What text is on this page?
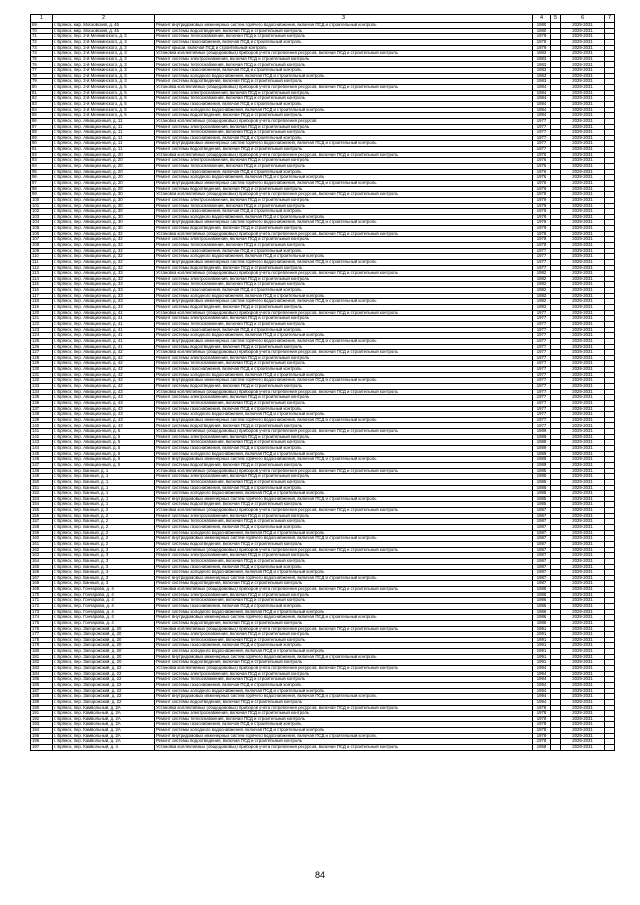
1	2	3	4	5	6	7
69	г. Брянск, мкр. Московский, д. 45	Ремонт внутридомовых инженерных систем горячего водоснабжения, включая ПСД и строительный контроль	1980		2029-2031	
70	г. Брянск, мкр. Московский, д. 45	Ремонт системы водоотведения, включая ПСД и строительный контроль	1980		2029-2031	
71	г. Брянск, пер. 2-й Менжинского, д. 3	Ремонт системы теплоснабжения, включая ПСД и строительный контроль	1979		2029-2031	
72	г. Брянск, пер. 2-й Менжинского, д. 3	Ремонт системы газоснабжения, включая ПСД и строительный контроль	1979		2029-2031	
73	г. Брянск, пер. 2-й Менжинского, д. 3	Ремонт крыши, включая ПСД и строительный контроль	1979		2029-2031	
74	г. Брянск, пер. 2-й Менжинского, д. 3	Установка коллективных (общедомовых) приборов учета потребления ресурсов, включая ПСД и строительный контроль	1983		2029-2031	
75	г. Брянск, пер. 2-й Менжинского, д. 3	Ремонт системы электроснабжения, включая ПСД и строительный контроль	1983		2029-2031	
76	г. Брянск, пер. 2-й Менжинского, д. 3	Ремонт системы теплоснабжения, включая ПСД и строительный контроль	1983		2029-2031	
77	г. Брянск, пер. 2-й Менжинского, д. 3	Ремонт системы газоснабжения, включая ПСД и строительный контроль	1983		2029-2031	
78	г. Брянск, пер. 2-й Менжинского, д. 3	Ремонт системы холодного водоснабжения, включая ПСД и строительный контроль	1983		2029-2031	
79	г. Брянск, пер. 2-й Менжинского, д. 3	Ремонт системы водоотведения, включая ПСД и строительный контроль	1983		2029-2031	
80	г. Брянск, пер. 2-й Менжинского, д. 5	Установка коллективных (общедомовых) приборов учета потребления ресурсов, включая ПСД и строительный контроль	1984		2029-2031	
81	г. Брянск, пер. 2-й Менжинского, д. 5	Ремонт системы электроснабжения, включая ПСД и строительный контроль	1984		2029-2031	
82	г. Брянск, пер. 2-й Менжинского, д. 5	Ремонт системы теплоснабжения, включая ПСД и строительный контроль	1984		2029-2031	
83	г. Брянск, пер. 2-й Менжинского, д. 5	Ремонт системы газоснабжения, включая ПСД и строительный контроль	1984		2029-2031	
84	г. Брянск, пер. 2-й Менжинского, д. 5	Ремонт системы холодного водоснабжения, включая ПСД и строительный контроль	1984		2029-2031	
85	г. Брянск, пер. 2-й Менжинского, д. 5	Ремонт системы водоотведения, включая ПСД и строительный контроль	1984		2029-2031	
86	г. Брянск, пер. Авиационный, д. 11	Установка коллективных (общедомовых) приборов учета потребления ресурсов	1977		2029-2031	
87	г. Брянск, пер. Авиационный, д. 11	Ремонт системы электроснабжения, включая ПСД и строительный контроль	1977		2029-2031	
88	г. Брянск, пер. Авиационный, д. 11	Ремонт системы теплоснабжения, включая ПСД и строительный контроль	1977		2029-2031	
89	г. Брянск, пер. Авиационный, д. 11	Ремонт системы газоснабжения, включая ПСД и строительный контроль	1977		2029-2031	
90	г. Брянск, пер. Авиационный, д. 11	Ремонт внутридомовых инженерных систем горячего водоснабжения, включая ПСД и строительный контроль	1977		2029-2031	
91	г. Брянск, пер. Авиационный, д. 11	Ремонт системы водоотведения, включая ПСД и строительный контроль	1977		2029-2031	
92	г. Брянск, пер. Авиационный, д. 20	Установка коллективных (общедомовых) приборов учета потребления ресурсов, включая ПСД и строительный контроль	1976		2029-2031	
93	г. Брянск, пер. Авиационный, д. 20	Ремонт системы электроснабжения, включая ПСД и строительный контроль	1976		2029-2031	
94	г. Брянск, пер. Авиационный, д. 20	Ремонт системы теплоснабжения, включая ПСД и строительный контроль	1976		2029-2031	
95	г. Брянск, пер. Авиационный, д. 20	Ремонт системы газоснабжения, включая ПСД и строительный контроль	1976		2029-2031	
96	г. Брянск, пер. Авиационный, д. 20	Ремонт системы холодного водоснабжения, включая ПСД и строительный контроль	1976		2029-2031	
97	г. Брянск, пер. Авиационный, д. 20	Ремонт внутридомовых инженерных систем горячего водоснабжения, включая ПСД и строительный контроль	1976		2029-2031	
98	г. Брянск, пер. Авиационный, д. 20	Ремонт системы водоотведения, включая ПСД и строительный контроль	1976		2029-2031	
99	г. Брянск, пер. Авиационный, д. 30	Установка коллективных (общедомовых) приборов учета потребления ресурсов, включая ПСД и строительный контроль	1979		2029-2031	
100	г. Брянск, пер. Авиационный, д. 30	Ремонт системы электроснабжения, включая ПСД и строительный контроль	1979		2029-2031	
101	г. Брянск, пер. Авиационный, д. 30	Ремонт системы теплоснабжения, включая ПСД и строительный контроль	1979		2029-2031	
102	г. Брянск, пер. Авиационный, д. 30	Ремонт системы газоснабжения, включая ПСД и строительный контроль	1979		2029-2031	
103	г. Брянск, пер. Авиационный, д. 30	Ремонт системы холодного водоснабжения, включая ПСД и строительный контроль	1979		2029-2031	
104	г. Брянск, пер. Авиационный, д. 30	Ремонт внутридомовых инженерных систем горячего водоснабжения, включая ПСД и строительный контроль	1979		2029-2031	
105	г. Брянск, пер. Авиационный, д. 30	Ремонт системы водоотведения, включая ПСД и строительный контроль	1979		2029-2031	
106	г. Брянск, пер. Авиационный, д. 32	Установка коллективных (общедомовых) приборов учета потребления ресурсов, включая ПСД и строительный контроль	1978		2029-2031	
107	г. Брянск, пер. Авиационный, д. 32	Ремонт системы электроснабжения, включая ПСД и строительный контроль	1978		2029-2031	
108	г. Брянск, пер. Авиационный, д. 32	Ремонт системы теплоснабжения, включая ПСД и строительный контроль	1978		2029-2031	
109	г. Брянск, пер. Авиационный, д. 32	Ремонт системы газоснабжения, включая ПСД и строительный контроль	1977		2029-2031	
110	г. Брянск, пер. Авиационный, д. 32	Ремонт системы холодного водоснабжения, включая ПСД и строительный контроль	1977		2029-2031	
111	г. Брянск, пер. Авиационный, д. 32	Ремонт внутридомовых инженерных систем горячего водоснабжения, включая ПСД и строительный контроль	1977		2029-2031	
112	г. Брянск, пер. Авиационный, д. 32	Ремонт системы водоотведения, включая ПСД и строительный контроль	1977		2029-2031	
113	г. Брянск, пер. Авиационный, д. 33	Установка коллективных (общедомовых) приборов учета потребления ресурсов, включая ПСД и строительный контроль	1982		2029-2031	
114	г. Брянск, пер. Авиационный, д. 33	Ремонт системы электроснабжения, включая ПСД и строительный контроль	1982		2029-2031	
115	г. Брянск, пер. Авиационный, д. 33	Ремонт системы теплоснабжения, включая ПСД и строительный контроль	1982		2029-2031	
116	г. Брянск, пер. Авиационный, д. 33	Ремонт системы газоснабжения, включая ПСД и строительный контроль	1982		2029-2031	
117	г. Брянск, пер. Авиационный, д. 33	Ремонт системы холодного водоснабжения, включая ПСД и строительный контроль	1982		2029-2031	
118	г. Брянск, пер. Авиационный, д. 33	Ремонт внутридомовых инженерных систем горячего водоснабжения, включая ПСД и строительный контроль	1982		2029-2031	
119	г. Брянск, пер. Авиационный, д. 33	Ремонт системы водоотведения, включая ПСД и строительный контроль	1982		2029-2031	
120	г. Брянск, пер. Авиационный, д. 41	Установка коллективных (общедомовых) приборов учета потребления ресурсов, включая ПСД и строительный контроль	1977		2029-2031	
121	г. Брянск, пер. Авиационный, д. 41	Ремонт системы электроснабжения, включая ПСД и строительный контроль	1977		2029-2031	
122	г. Брянск, пер. Авиационный, д. 41	Ремонт системы теплоснабжения, включая ПСД и строительный контроль	1977		2029-2031	
123	г. Брянск, пер. Авиационный, д. 41	Ремонт системы газоснабжения, включая ПСД и строительный контроль	1977		2029-2031	
124	г. Брянск, пер. Авиационный, д. 41	Ремонт системы холодного водоснабжения, включая ПСД и строительный контроль	1977		2029-2031	
125	г. Брянск, пер. Авиационный, д. 41	Ремонт внутридомовых инженерных систем горячего водоснабжения, включая ПСД и строительный контроль	1977		2029-2031	
126	г. Брянск, пер. Авиационный, д. 41	Ремонт системы водоотведения, включая ПСД и строительный контроль	1977		2029-2031	
127	г. Брянск, пер. Авиационный, д. 42	Установка коллективных (общедомовых) приборов учета потребления ресурсов, включая ПСД и строительный контроль	1977		2029-2031	
128	г. Брянск, пер. Авиационный, д. 42	Ремонт системы электроснабжения, включая ПСД и строительный контроль	1977		2029-2031	
129	г. Брянск, пер. Авиационный, д. 42	Ремонт системы теплоснабжения, включая ПСД и строительный контроль	1977		2029-2031	
130	г. Брянск, пер. Авиационный, д. 42	Ремонт системы газоснабжения, включая ПСД и строительный контроль	1977		2029-2031	
131	г. Брянск, пер. Авиационный, д. 42	Ремонт системы холодного водоснабжения, включая ПСД и строительный контроль	1977		2029-2031	
132	г. Брянск, пер. Авиационный, д. 42	Ремонт внутридомовых инженерных систем горячего водоснабжения, включая ПСД и строительный контроль	1977		2029-2031	
133	г. Брянск, пер. Авиационный, д. 42	Ремонт системы водоотведения, включая ПСД и строительный контроль	1977		2029-2031	
134	г. Брянск, пер. Авиационный, д. 43	Установка коллективных (общедомовых) приборов учета потребления ресурсов, включая ПСД и строительный контроль	1977		2029-2031	
135	г. Брянск, пер. Авиационный, д. 43	Ремонт системы электроснабжения, включая ПСД и строительный контроль	1977		2029-2031	
136	г. Брянск, пер. Авиационный, д. 43	Ремонт системы теплоснабжения, включая ПСД и строительный контроль	1977		2029-2031	
137	г. Брянск, пер. Авиационный, д. 43	Ремонт системы газоснабжения, включая ПСД и строительный контроль	1977		2029-2031	
138	г. Брянск, пер. Авиационный, д. 43	Ремонт системы холодного водоснабжения, включая ПСД и строительный контроль	1977		2029-2031	
139	г. Брянск, пер. Авиационный, д. 43	Ремонт внутридомовых инженерных систем горячего водоснабжения, включая ПСД и строительный контроль	1977		2029-2031	
140	г. Брянск, пер. Авиационный, д. 43	Ремонт системы водоотведения, включая ПСД и строительный контроль	1977		2029-2031	
141	г. Брянск, пер. Авиационный, д. 5	Установка коллективных (общедомовых) приборов учета потребления ресурсов, включая ПСД и строительный контроль	1989		2029-2031	
142	г. Брянск, пер. Авиационный, д. 5	Ремонт системы электроснабжения, включая ПСД и строительный контроль	1989		2029-2031	
143	г. Брянск, пер. Авиационный, д. 5	Ремонт системы теплоснабжения, включая ПСД и строительный контроль	1989		2029-2031	
144	г. Брянск, пер. Авиационный, д. 5	Ремонт системы газоснабжения, включая ПСД и строительный контроль	1989		2029-2031	
145	г. Брянск, пер. Авиационный, д. 5	Ремонт системы холодного водоснабжения, включая ПСД и строительный контроль	1989		2029-2031	
146	г. Брянск, пер. Авиационный, д. 5	Ремонт внутридомовых инженерных систем горячего водоснабжения, включая ПСД и строительный контроль	1989		2029-2031	
147	г. Брянск, пер. Авиационный, д. 5	Ремонт системы водоотведения, включая ПСД и строительный контроль	1989		2029-2031	
148	г. Брянск, пер. Банный, д. 1	Установка коллективных (общедомовых) приборов учета потребления ресурсов, включая ПСД и строительный контроль	1985		2029-2031	
149	г. Брянск, пер. Банный, д. 1	Ремонт системы электроснабжения, включая ПСД и строительный контроль	1985		2029-2031	
150	г. Брянск, пер. Банный, д. 1	Ремонт системы теплоснабжения, включая ПСД и строительный контроль	1985		2029-2031	
151	г. Брянск, пер. Банный, д. 1	Ремонт системы газоснабжения, включая ПСД и строительный контроль	1985		2029-2031	
152	г. Брянск, пер. Банный, д. 1	Ремонт системы холодного водоснабжения, включая ПСД и строительный контроль	1985		2029-2031	
153	г. Брянск, пер. Банный, д. 1	Ремонт внутридомовых инженерных систем горячего водоснабжения, включая ПСД и строительный контроль	1985		2029-2031	
154	г. Брянск, пер. Банный, д. 1	Ремонт системы водоотведения, включая ПСД и строительный контроль	1985		2029-2031	
155	г. Брянск, пер. Банный, д. 2	Установка коллективных (общедомовых) приборов учета потребления ресурсов, включая ПСД и строительный контроль	1987		2029-2031	
156	г. Брянск, пер. Банный, д. 2	Ремонт системы электроснабжения, включая ПСД и строительный контроль	1987		2029-2031	
157	г. Брянск, пер. Банный, д. 2	Ремонт системы теплоснабжения, включая ПСД и строительный контроль	1987		2029-2031	
158	г. Брянск, пер. Банный, д. 2	Ремонт системы газоснабжения, включая ПСД и строительный контроль	1987		2029-2031	
159	г. Брянск, пер. Банный, д. 2	Ремонт системы холодного водоснабжения, включая ПСД и строительный контроль	1987		2029-2031	
160	г. Брянск, пер. Банный, д. 2	Ремонт внутридомовых инженерных систем горячего водоснабжения, включая ПСД и строительный контроль	1987		2029-2031	
161	г. Брянск, пер. Банный, д. 2	Ремонт системы водоотведения, включая ПСД и строительный контроль	1987		2029-2031	
162	г. Брянск, пер. Банный, д. 3	Установка коллективных (общедомовых) приборов учета потребления ресурсов, включая ПСД и строительный контроль	1987		2029-2031	
163	г. Брянск, пер. Банный, д. 3	Ремонт системы электроснабжения, включая ПСД и строительный контроль	1987		2029-2031	
164	г. Брянск, пер. Банный, д. 3	Ремонт системы теплоснабжения, включая ПСД и строительный контроль	1987		2029-2031	
165	г. Брянск, пер. Банный, д. 3	Ремонт системы газоснабжения, включая ПСД и строительный контроль	1987		2029-2031	
166	г. Брянск, пер. Банный, д. 3	Ремонт системы холодного водоснабжения, включая ПСД и строительный контроль	1987		2029-2031	
167	г. Брянск, пер. Банный, д. 3	Ремонт внутридомовых инженерных систем горячего водоснабжения, включая ПСД и строительный контроль	1987		2029-2031	
168	г. Брянск, пер. Банный, д. 3	Ремонт системы водоотведения, включая ПСД и строительный контроль	1987		2029-2031	
169	г. Брянск, пер. Гончарова, д. 4	Установка коллективных (общедомовых) приборов учета потребления ресурсов, включая ПСД и строительный контроль	1986		2029-2031	
170	г. Брянск, пер. Гончарова, д. 4	Ремонт системы электроснабжения, включая ПСД и строительный контроль	1986		2029-2031	
171	г. Брянск, пер. Гончарова, д. 4	Ремонт системы теплоснабжения, включая ПСД и строительный контроль	1986		2029-2031	
172	г. Брянск, пер. Гончарова, д. 4	Ремонт системы газоснабжения, включая ПСД и строительный контроль	1986		2029-2031	
173	г. Брянск, пер. Гончарова, д. 4	Ремонт системы холодного водоснабжения, включая ПСД и строительный контроль	1986		2029-2031	
174	г. Брянск, пер. Гончарова, д. 4	Ремонт внутридомовых инженерных систем горячего водоснабжения, включая ПСД и строительный контроль	1986		2029-2031	
175	г. Брянск, пер. Гончарова, д. 4	Ремонт системы водоотведения, включая ПСД и строительный контроль	1986		2029-2031	
176	г. Брянск, пер. Запорожский, д. 20	Установка коллективных (общедомовых) приборов учета потребления ресурсов, включая ПСД и строительный контроль	1991		2029-2031	
177	г. Брянск, пер. Запорожский, д. 20	Ремонт системы электроснабжения, включая ПСД и строительный контроль	1991		2029-2031	
178	г. Брянск, пер. Запорожский, д. 20	Ремонт системы теплоснабжения, включая ПСД и строительный контроль	1991		2029-2031	
179	г. Брянск, пер. Запорожский, д. 20	Ремонт системы газоснабжения, включая ПСД и строительный контроль	1991		2029-2031	
180	г. Брянск, пер. Запорожский, д. 20	Ремонт системы холодного водоснабжения, включая ПСД и строительный контроль	1991		2029-2031	
181	г. Брянск, пер. Запорожский, д. 20	Ремонт внутридомовых инженерных систем горячего водоснабжения, включая ПСД и строительный контроль	1991		2029-2031	
182	г. Брянск, пер. Запорожский, д. 20	Ремонт системы водоотведения, включая ПСД и строительный контроль	1991		2029-2031	
183	г. Брянск, пер. Запорожский, д. 22	Установка коллективных (общедомовых) приборов учета потребления ресурсов, включая ПСД и строительный контроль	1994		2029-2031	
184	г. Брянск, пер. Запорожский, д. 22	Ремонт системы электроснабжения, включая ПСД и строительный контроль	1994		2029-2031	
185	г. Брянск, пер. Запорожский, д. 22	Ремонт системы теплоснабжения, включая ПСД и строительный контроль	1994		2029-2031	
186	г. Брянск, пер. Запорожский, д. 22	Ремонт системы газоснабжения, включая ПСД и строительный контроль	1994		2029-2031	
187	г. Брянск, пер. Запорожский, д. 22	Ремонт системы холодного водоснабжения, включая ПСД и строительный контроль	1994		2029-2031	
188	г. Брянск, пер. Запорожский, д. 22	Ремонт внутридомовых инженерных систем горячего водоснабжения, включая ПСД и строительный контроль	1994		2029-2031	
189	г. Брянск, пер. Запорожский, д. 22	Ремонт системы водоотведения, включая ПСД и строительный контроль	1994		2029-2031	
190	г. Брянск, пер. Камвольный, д. 2А	Установка коллективных (общедомовых) приборов учета потребления ресурсов, включая ПСД и строительный контроль	1978		2029-2031	
191	г. Брянск, пер. Камвольный, д. 2А	Ремонт системы электроснабжения, включая ПСД и строительный контроль	1978		2029-2031	
192	г. Брянск, пер. Камвольный, д. 2А	Ремонт системы теплоснабжения, включая ПСД и строительный контроль	1978		2029-2031	
193	г. Брянск, пер. Камвольный, д. 2А	Ремонт системы газоснабжения, включая ПСД и строительный контроль	1978		2029-2031	
194	г. Брянск, пер. Камвольный, д. 2А	Ремонт системы холодного водоснабжения, включая ПСД и строительный контроль	1978		2029-2031	
195	г. Брянск, пер. Камвольный, д. 2А	Ремонт внутридомовых инженерных систем горячего водоснабжения, включая ПСД и строительный контроль	1978		2029-2031	
196	г. Брянск, пер. Камвольный, д. 2А	Ремонт системы водоотведения, включая ПСД и строительный контроль	1978		2029-2031	
197	г. Брянск, пер. Камвольный, д. 4	Установка коллективных (общедомовых) приборов учета потребления ресурсов, включая ПСД и строительный контроль	1958		2029-2031	
84
